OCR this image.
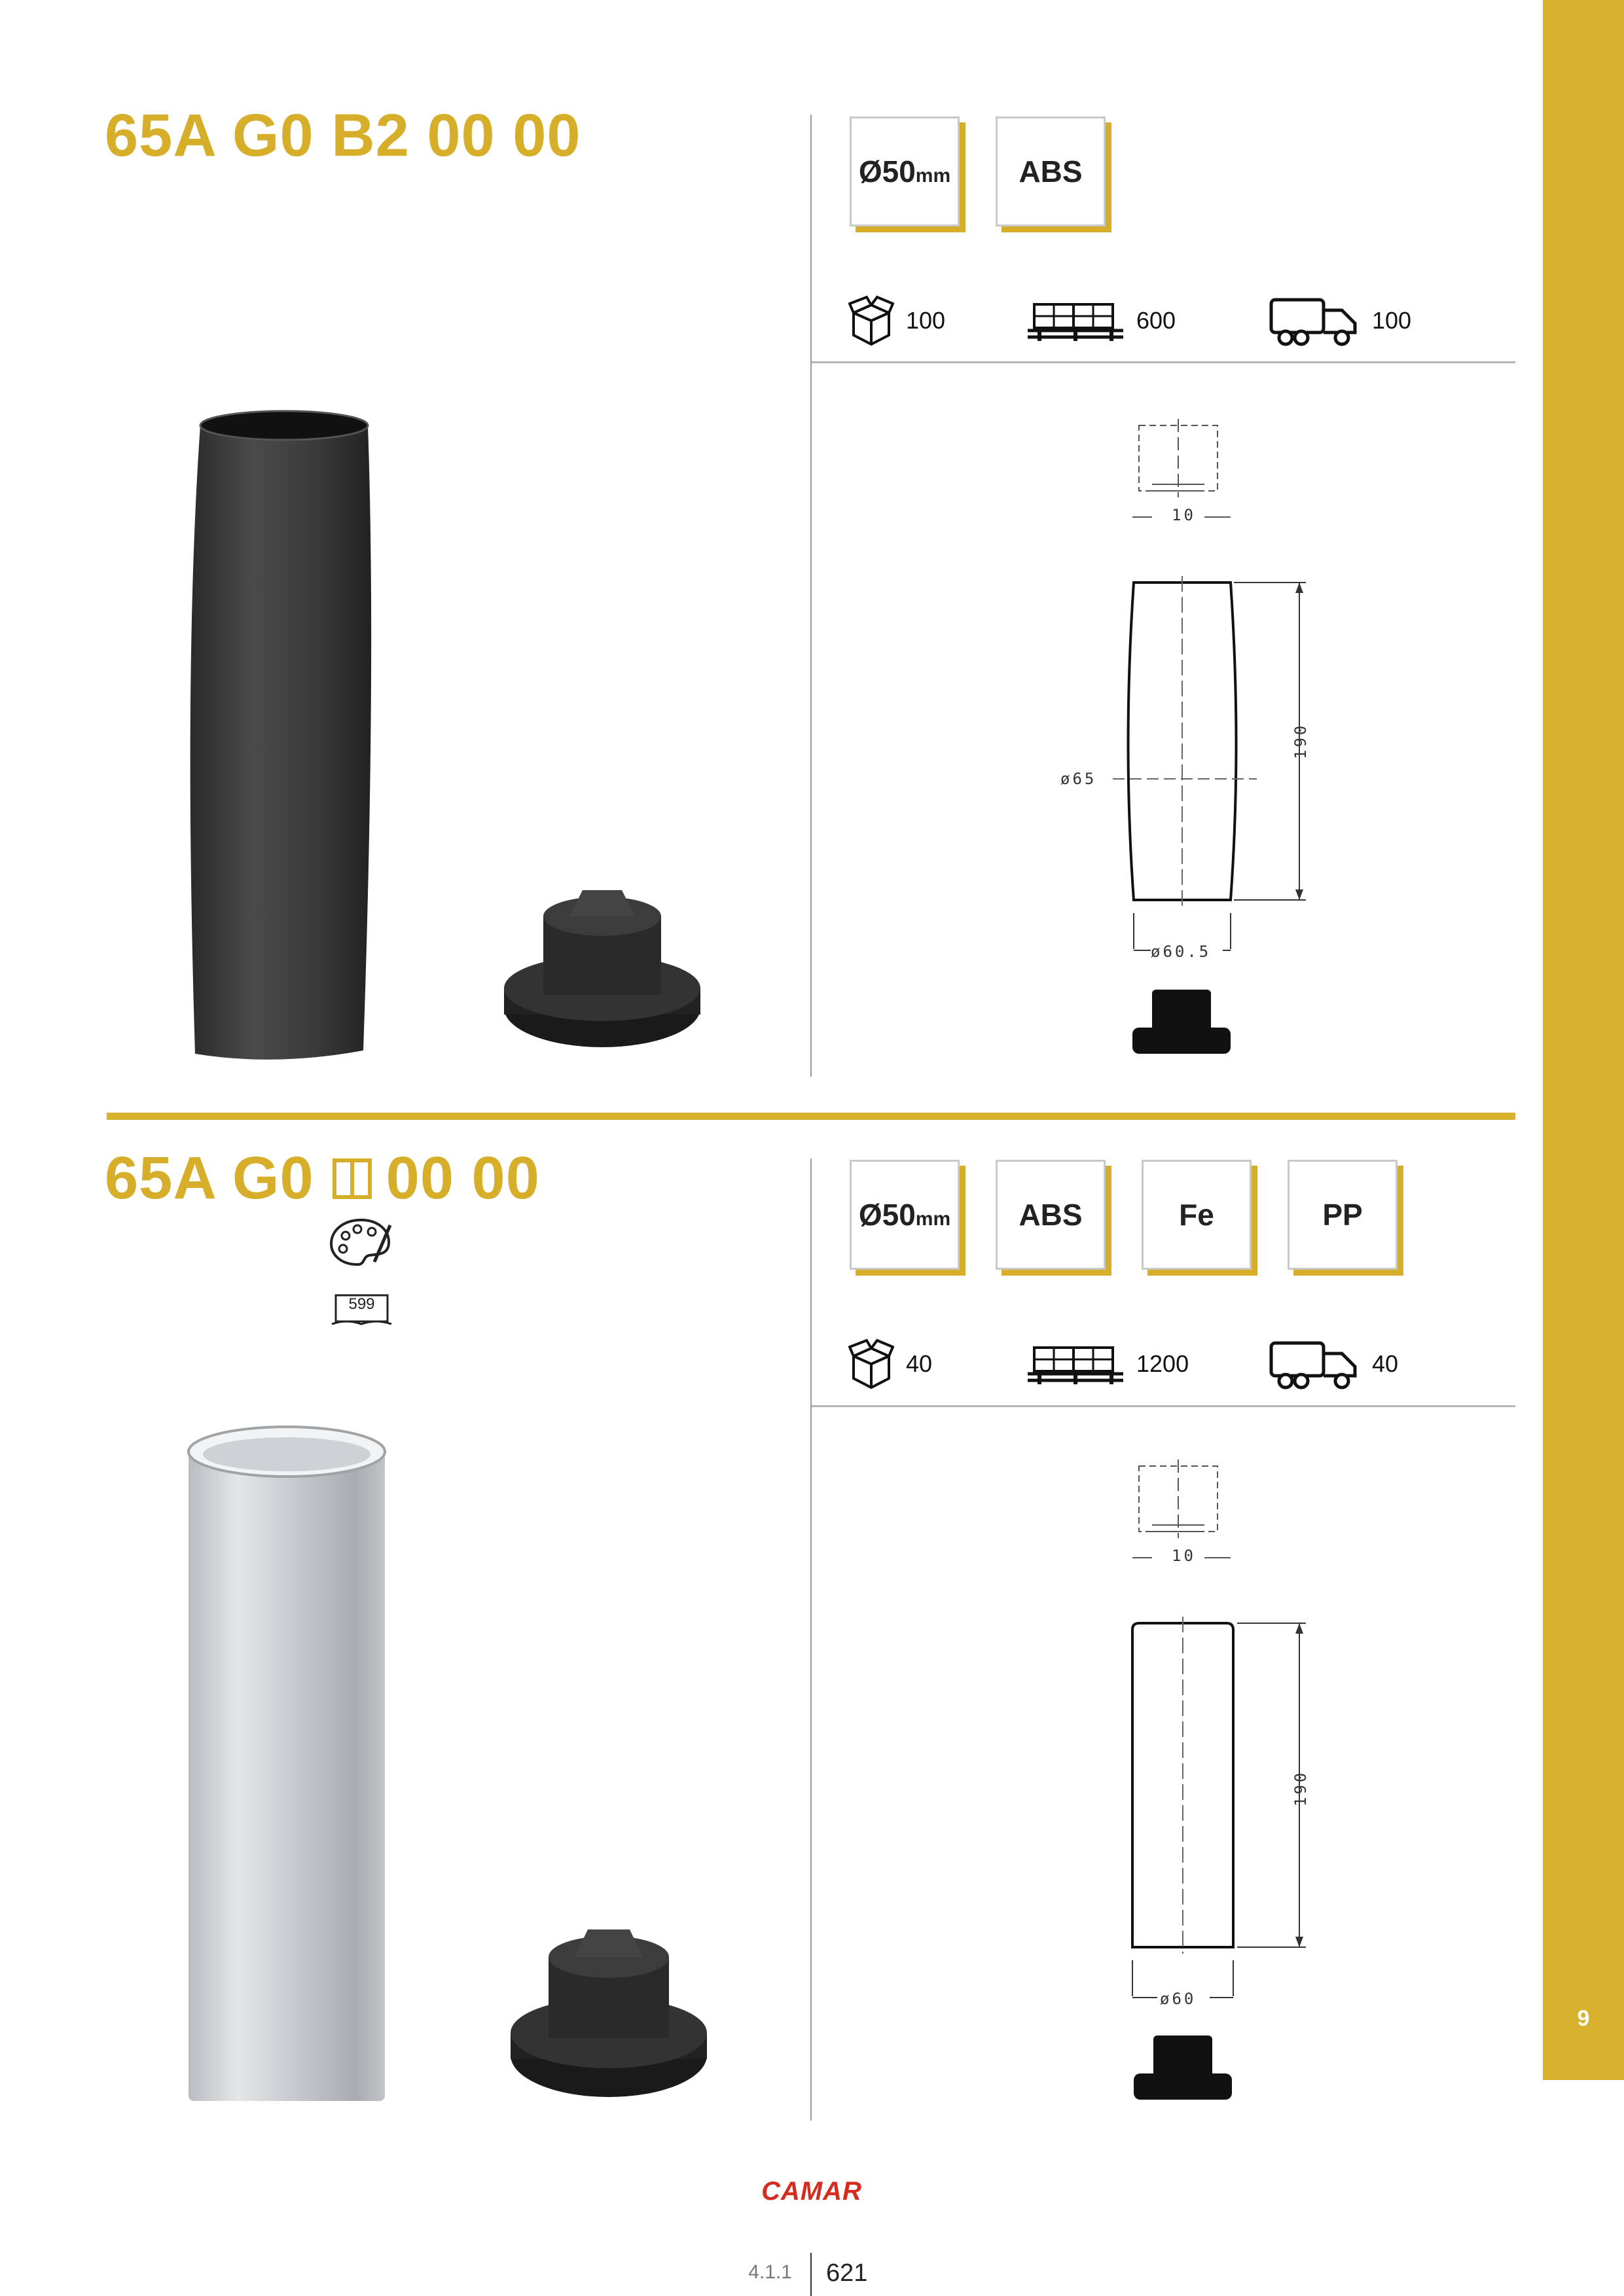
9
65A G0 B2 00 00
Ø50 mm ABS
100	600	100
10
190
ø65
ø60.5
65A G0 00 00
599
Ø50 mm ABS	Fe	PP
40	1200	40
10
190
ø60
CAMAR
4.1.1 621
